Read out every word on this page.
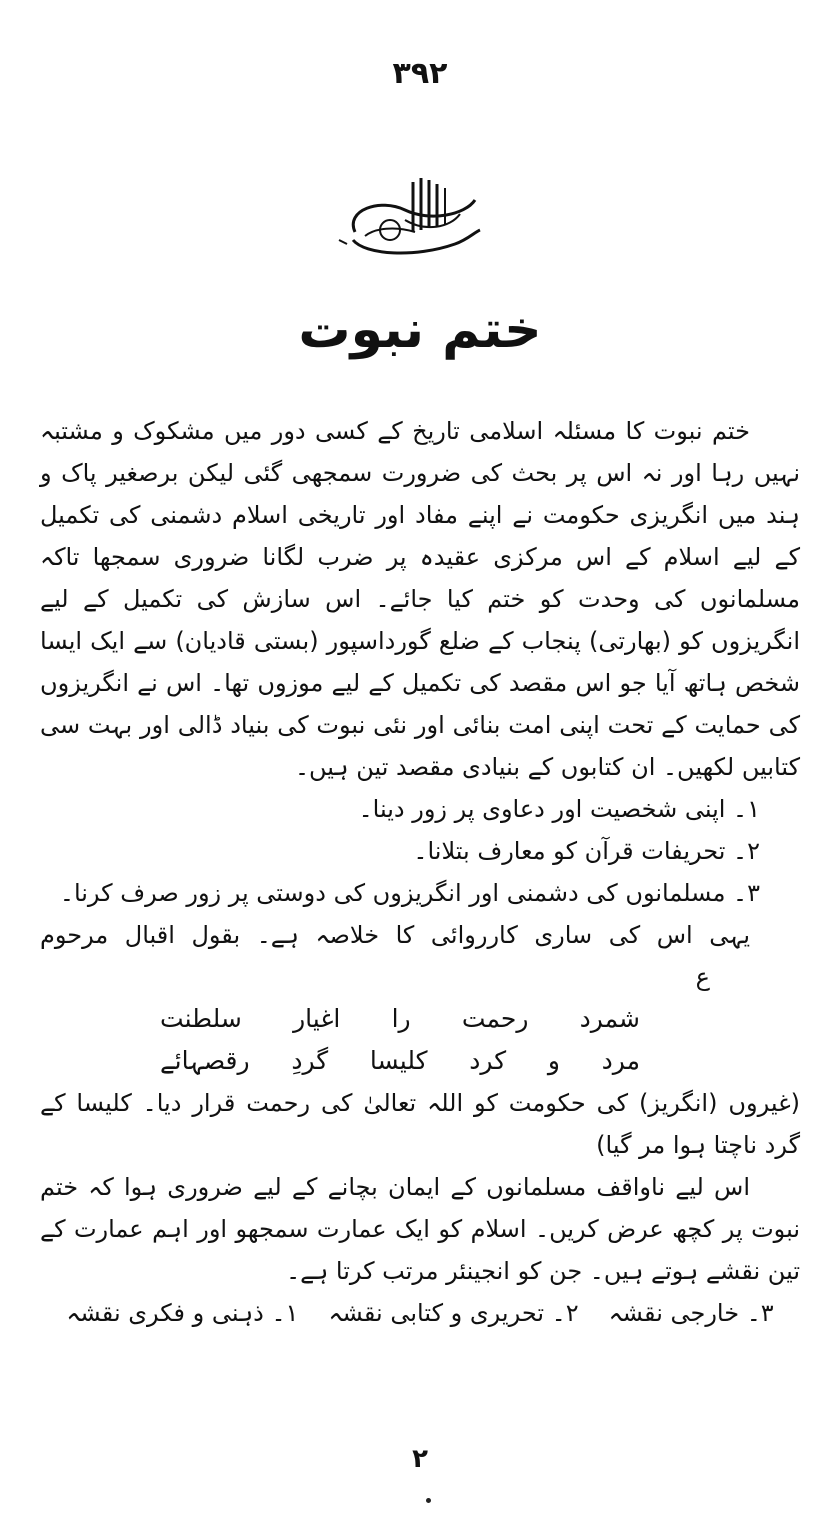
۳۹۲
ختم نبوت

ختم نبوت کا مسئلہ اسلامی تاریخ کے کسی دور میں مشکوک و مشتبہ نہیں رہا اور نہ اس پر بحث کی ضرورت سمجھی گئی لیکن برصغیر پاک و ہند میں انگریزی حکومت نے اپنے مفاد اور تاریخی اسلام دشمنی کی تکمیل کے لیے اسلام کے اس مرکزی عقیدہ پر ضرب لگانا ضروری سمجھا تاکہ مسلمانوں کی وحدت کو ختم کیا جائے۔ اس سازش کی تکمیل کے لیے انگریزوں کو (بھارتی) پنجاب کے ضلع گورداسپور (بستی قادیان) سے ایک ایسا شخص ہاتھ آیا جو اس مقصد کی تکمیل کے لیے موزوں تھا۔ اس نے انگریزوں کی حمایت کے تحت اپنی امت بنائی اور نئی نبوت کی بنیاد ڈالی اور بہت سی کتابیں لکھیں۔ ان کتابوں کے بنیادی مقصد تین ہیں۔

۱۔ اپنی شخصیت اور دعاوی پر زور دینا۔
۲۔ تحریفات قرآن کو معارف بتلانا۔
۳۔ مسلمانوں کی دشمنی اور انگریزوں کی دوستی پر زور صرف کرنا۔

یہی اس کی ساری کارروائی کا خلاصہ ہے۔ بقول اقبال مرحوم ع

سلطنت اغیار را رحمت شمرد
رقصہائے گردِ کلیسا کرد و مرد

(غیروں (انگریز) کی حکومت کو اللہ تعالیٰ کی رحمت قرار دیا۔ کلیسا کے گرد ناچتا ہوا مر گیا)

اس لیے ناواقف مسلمانوں کے ایمان بچانے کے لیے ضروری ہوا کہ ختم نبوت پر کچھ عرض کریں۔ اسلام کو ایک عمارت سمجھو اور اہم عمارت کے تین نقشے ہوتے ہیں۔ جن کو انجینئر مرتب کرتا ہے۔

۱۔ ذہنی و فکری نقشہ ۲۔ تحریری و کتابی نقشہ ۳۔ خارجی نقشہ
۲
